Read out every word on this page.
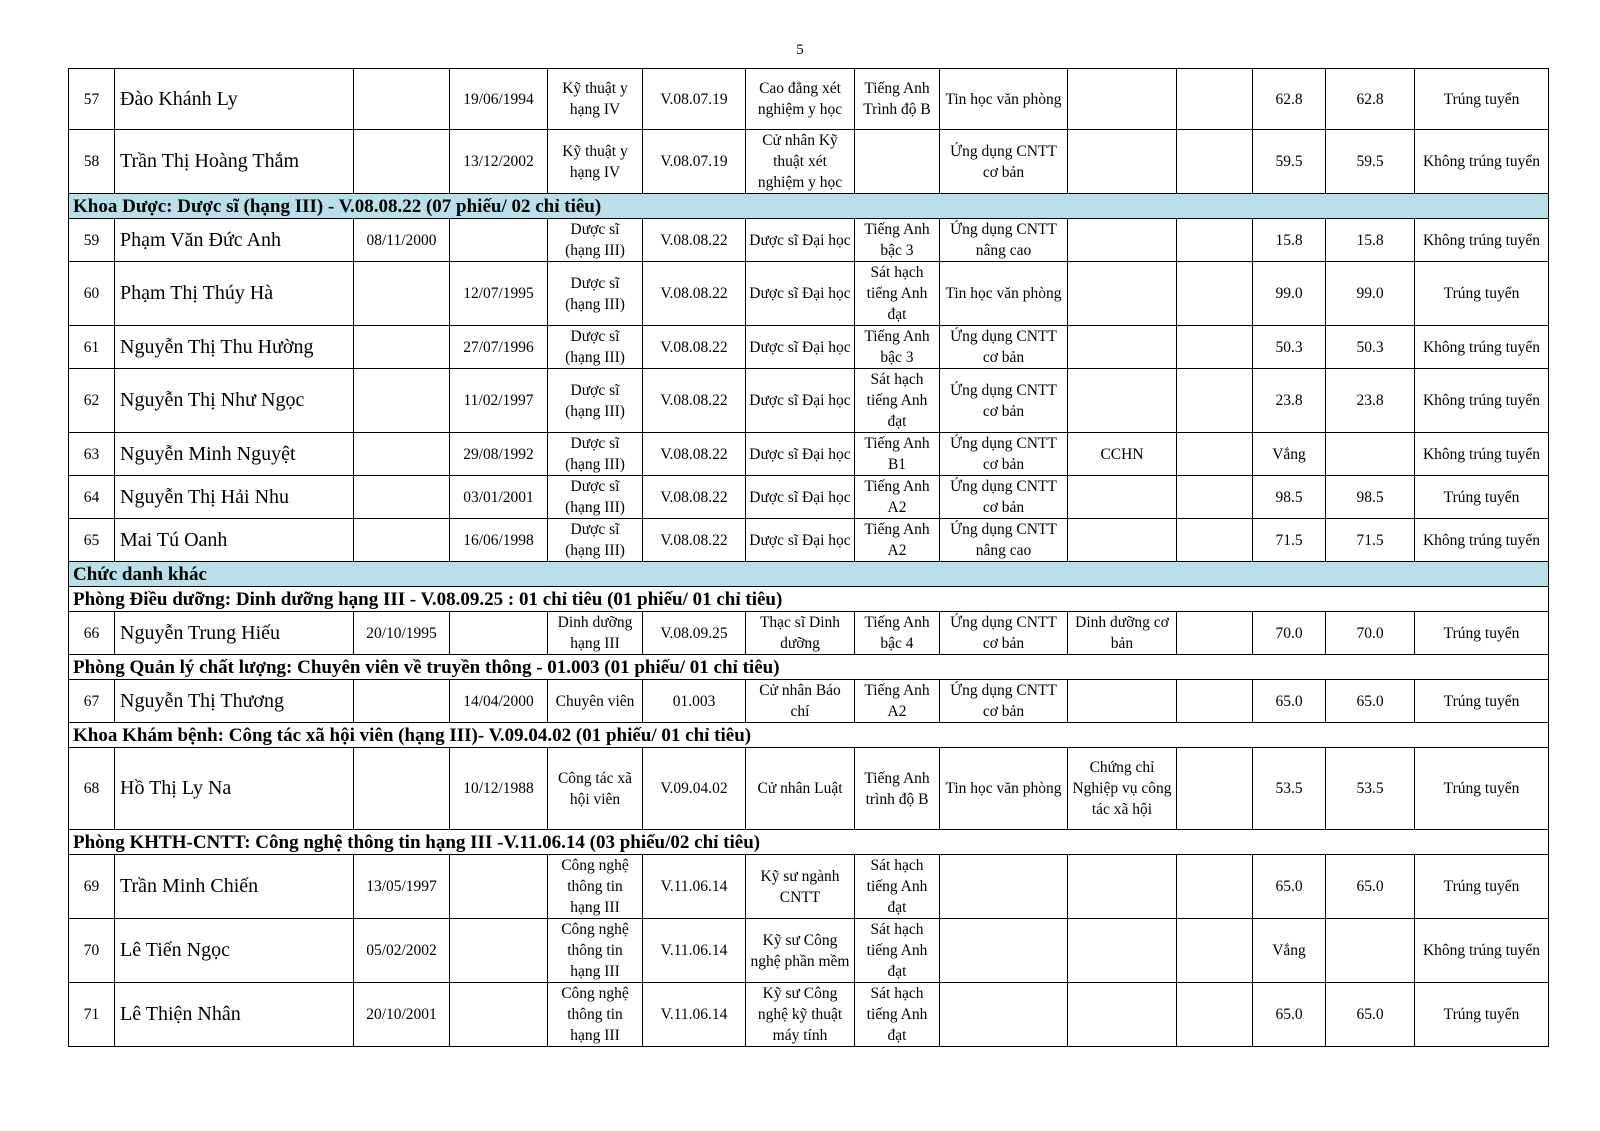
5
57	Đào Khánh Ly		19/06/1994	Kỹ thuật y hạng IV	V.08.07.19	Cao đẳng xét nghiệm y học	Tiếng Anh Trình độ B	Tin học văn phòng			62.8	62.8	Trúng tuyển
58	Trần Thị Hoàng Thắm		13/12/2002	Kỹ thuật y hạng IV	V.08.07.19	Cử nhân Kỹ thuật xét nghiệm y học		Ứng dụng CNTT cơ bản			59.5	59.5	Không trúng tuyển
Khoa Dược: Dược sĩ (hạng III) - V.08.08.22 (07 phiếu/ 02 chỉ tiêu)													
59	Phạm Văn Đức Anh	08/11/2000		Dược sĩ (hạng III)	V.08.08.22	Dược sĩ Đại học	Tiếng Anh bậc 3	Ứng dụng CNTT nâng cao			15.8	15.8	Không trúng tuyển
60	Phạm Thị Thúy Hà		12/07/1995	Dược sĩ (hạng III)	V.08.08.22	Dược sĩ Đại học	Sát hạch tiếng Anh đạt	Tin học văn phòng			99.0	99.0	Trúng tuyển
61	Nguyễn Thị Thu Hường		27/07/1996	Dược sĩ (hạng III)	V.08.08.22	Dược sĩ Đại học	Tiếng Anh bậc 3	Ứng dụng CNTT cơ bản			50.3	50.3	Không trúng tuyển
62	Nguyễn Thị Như Ngọc		11/02/1997	Dược sĩ (hạng III)	V.08.08.22	Dược sĩ Đại học	Sát hạch tiếng Anh đạt	Ứng dụng CNTT cơ bản			23.8	23.8	Không trúng tuyển
63	Nguyễn Minh Nguyệt		29/08/1992	Dược sĩ (hạng III)	V.08.08.22	Dược sĩ Đại học	Tiếng Anh B1	Ứng dụng CNTT cơ bản	CCHN		Vắng		Không trúng tuyển
64	Nguyễn Thị Hải Nhu		03/01/2001	Dược sĩ (hạng III)	V.08.08.22	Dược sĩ Đại học	Tiếng Anh A2	Ứng dụng CNTT cơ bản			98.5	98.5	Trúng tuyển
65	Mai Tú Oanh		16/06/1998	Dược sĩ (hạng III)	V.08.08.22	Dược sĩ Đại học	Tiếng Anh A2	Ứng dụng CNTT nâng cao			71.5	71.5	Không trúng tuyển
Chức danh khác													
Phòng Điều dưỡng: Dinh dưỡng hạng III - V.08.09.25 : 01 chỉ tiêu (01 phiếu/ 01 chỉ tiêu)													
66	Nguyễn Trung Hiếu	20/10/1995		Dinh dưỡng hạng III	V.08.09.25	Thạc sĩ Dinh dưỡng	Tiếng Anh bậc 4	Ứng dụng CNTT cơ bản	Dinh dưỡng cơ bản		70.0	70.0	Trúng tuyển
Phòng Quản lý chất lượng: Chuyên viên về truyền thông - 01.003 (01 phiếu/ 01 chỉ tiêu)													
67	Nguyễn Thị Thương		14/04/2000	Chuyên viên	01.003	Cử nhân Báo chí	Tiếng Anh A2	Ứng dụng CNTT cơ bản			65.0	65.0	Trúng tuyển
Khoa Khám bệnh: Công tác xã hội viên (hạng III)- V.09.04.02 (01 phiếu/ 01 chỉ tiêu)													
68	Hồ Thị Ly Na		10/12/1988	Công tác xã hội viên	V.09.04.02	Cử nhân Luật	Tiếng Anh trình độ B	Tin học văn phòng	Chứng chỉ Nghiệp vụ công tác xã hội		53.5	53.5	Trúng tuyển
Phòng KHTH-CNTT: Công nghệ thông tin hạng III -V.11.06.14 (03 phiếu/02 chỉ tiêu)													
69	Trần Minh Chiến	13/05/1997		Công nghệ thông tin hạng III	V.11.06.14	Kỹ sư ngành CNTT	Sát hạch tiếng Anh đạt				65.0	65.0	Trúng tuyển
70	Lê Tiến Ngọc	05/02/2002		Công nghệ thông tin hạng III	V.11.06.14	Kỹ sư Công nghệ phần mềm	Sát hạch tiếng Anh đạt				Vắng		Không trúng tuyển
71	Lê Thiện Nhân	20/10/2001		Công nghệ thông tin hạng III	V.11.06.14	Kỹ sư Công nghệ kỹ thuật máy tính	Sát hạch tiếng Anh đạt				65.0	65.0	Trúng tuyển
